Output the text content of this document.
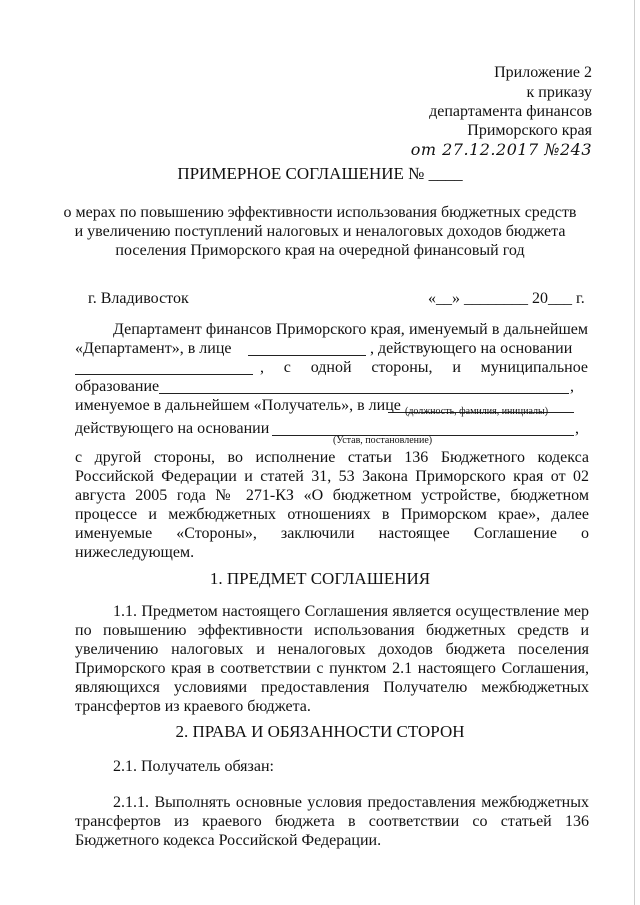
Приложение 2
к приказу
департамента финансов
Приморского края
от 27.12.2017 №243
ПРИМЕРНОЕ СОГЛАШЕНИЕ № ____
о мерах по повышению эффективности использования бюджетных средств
и увеличению поступлений налоговых и неналоговых доходов бюджета
поселения Приморского края на очередной финансовый год
г. Владивосток	«__» ________ 20___ г.
Департамент финансов Приморского края, именуемый в дальнейшем
«Департамент», в лице	, действующего на основании
, с одной стороны, и муниципальное
образование	,
именуемое в дальнейшем «Получатель», в лице (должность, фамилия, инициалы)
действующего на основании	,
(Устав, постановление)
с другой стороны, во исполнение статьи 136 Бюджетного кодекса Российской Федерации и статей 31, 53 Закона Приморского края от 02 августа 2005 года № 271-КЗ «О бюджетном устройстве, бюджетном процессе и межбюджетных отношениях в Приморском крае», далее именуемые «Стороны», заключили настоящее Соглашение о нижеследующем.
1. ПРЕДМЕТ СОГЛАШЕНИЯ
1.1. Предметом настоящего Соглашения является осуществление мер по повышению эффективности использования бюджетных средств и увеличению налоговых и неналоговых доходов бюджета поселения Приморского края в соответствии с пунктом 2.1 настоящего Соглашения, являющихся условиями предоставления Получателю межбюджетных трансфертов из краевого бюджета.
2. ПРАВА И ОБЯЗАННОСТИ СТОРОН
2.1. Получатель обязан:
2.1.1. Выполнять основные условия предоставления межбюджетных трансфертов из краевого бюджета в соответствии со статьей 136 Бюджетного кодекса Российской Федерации.
